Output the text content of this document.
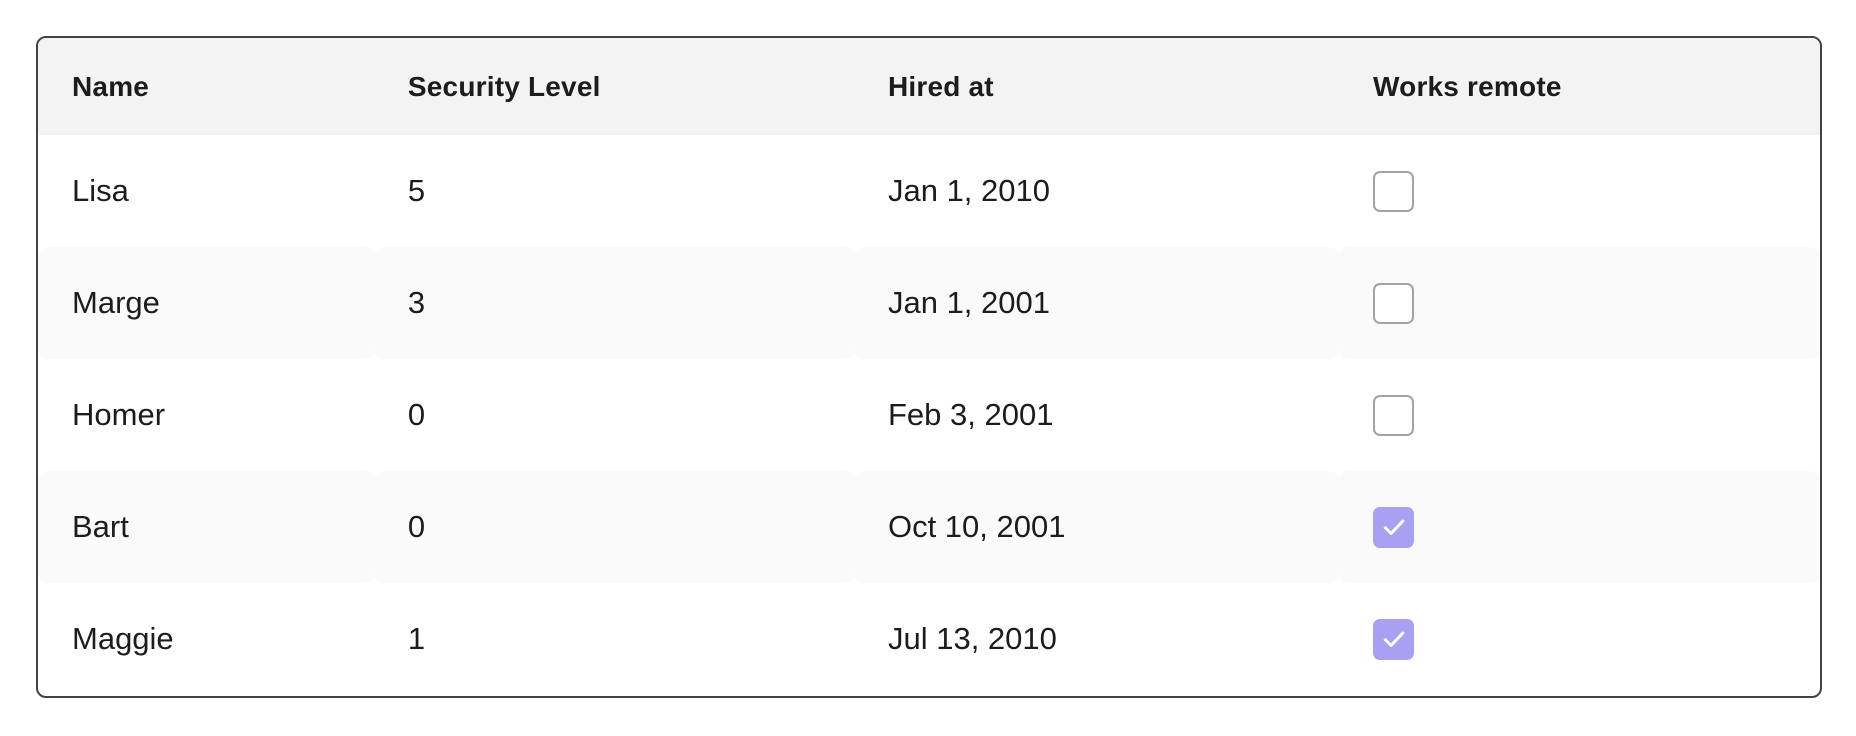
Name	Security Level	Hired at	Works remote
Lisa	5	Jan 1, 2010	

Marge	3	Jan 1, 2001	

Homer	0	Feb 3, 2001	

Bart	0	Oct 10, 2001	

Maggie	1	Jul 13, 2010	
